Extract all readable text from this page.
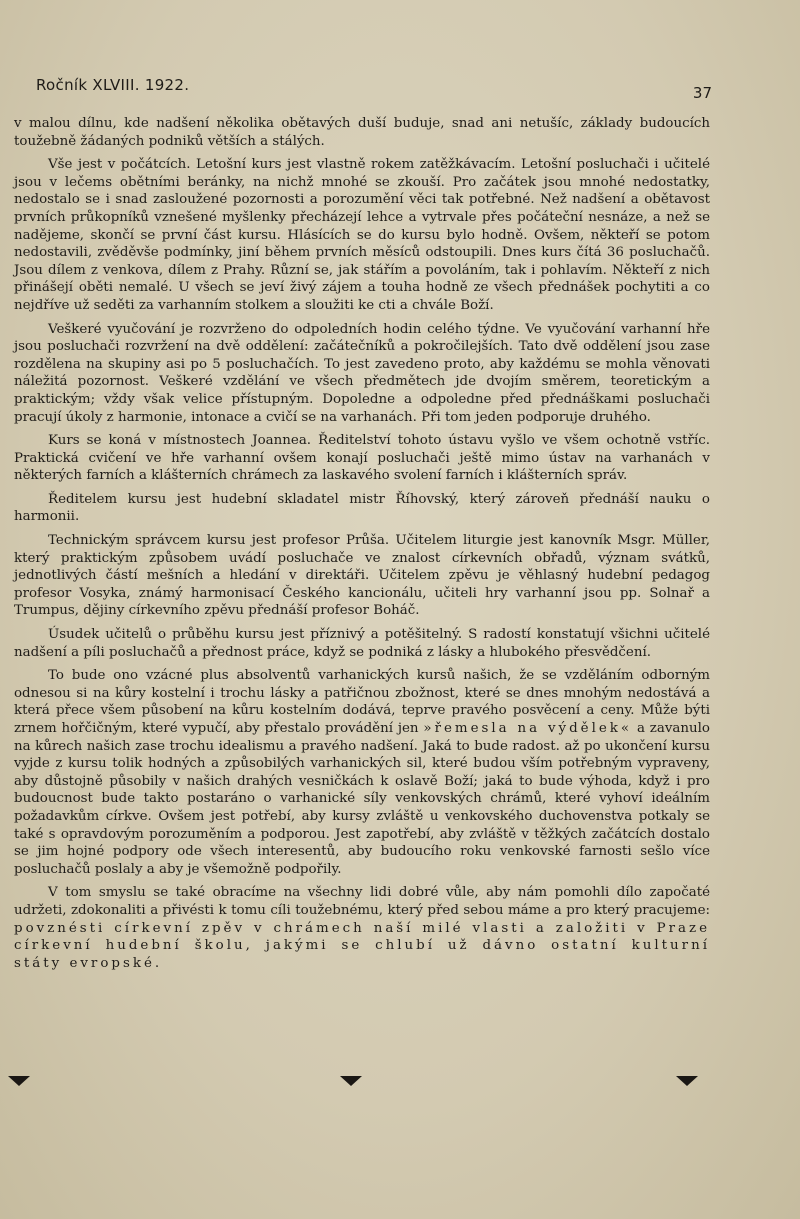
Ročník XLVIII. 1922.	37

v malou dílnu, kde nadšení několika obětavých duší buduje, snad ani netušíc, základy budoucích toužebně žádaných podniků větších a stálých.

Vše jest v počátcích. Letošní kurs jest vlastně rokem zatěžkávacím. Letošní posluchači i učitelé jsou v lečems obětními beránky, na nichž mnohé se zkouší. Pro začátek jsou mnohé nedostatky, nedostalo se i snad zasloužené pozornosti a porozumění věci tak potřebné. Než nadšení a obětavost prvních průkopníků vznešené myšlenky přecházejí lehce a vytrvale přes počáteční nesnáze, a než se nadějeme, skončí se první část kursu. Hlásících se do kursu bylo hodně. Ovšem, někteří se potom nedostavili, zvěděvše podmínky, jiní během prvních měsíců odstoupili. Dnes kurs čítá 36 posluchačů. Jsou dílem z venkova, dílem z Prahy. Různí se, jak stářím a povoláním, tak i pohlavím. Někteří z nich přinášejí oběti nemalé. U všech se jeví živý zájem a touha hodně ze všech přednášek pochytiti a co nejdříve už seděti za varhanním stolkem a sloužiti ke cti a chvále Boží.

Veškeré vyučování je rozvrženo do odpoledních hodin celého týdne. Ve vyučování varhanní hře jsou posluchači rozvržení na dvě oddělení: začátečníků a pokročilejších. Tato dvě oddělení jsou zase rozdělena na skupiny asi po 5 posluchačích. To jest zavedeno proto, aby každému se mohla věnovati náležitá pozornost. Veškeré vzdělání ve všech předmětech jde dvojím směrem, teoretickým a praktickým; vždy však velice přístupným. Dopoledne a odpoledne před přednáškami posluchači pracují úkoly z harmonie, intonace a cvičí se na varhanách. Při tom jeden podporuje druhého.

Kurs se koná v místnostech Joannea. Ředitelství tohoto ústavu vyšlo ve všem ochotně vstříc. Praktická cvičení ve hře varhanní ovšem konají posluchači ještě mimo ústav na varhanách v některých farních a klášterních chrámech za laskavého svolení farních i klášterních správ.

Ředitelem kursu jest hudební skladatel mistr Říhovský, který zároveň přednáší nauku o harmonii.

Technickým správcem kursu jest profesor Průša. Učitelem liturgie jest kanovník Msgr. Müller, který praktickým způsobem uvádí posluchače ve znalost církevních obřadů, význam svátků, jednotlivých částí mešních a hledání v direktáři. Učitelem zpěvu je věhlasný hudební pedagog profesor Vosyka, známý harmonisací Českého kancionálu, učiteli hry varhanní jsou pp. Solnař a Trumpus, dějiny církevního zpěvu přednáší profesor Boháč.

Úsudek učitelů o průběhu kursu jest příznivý a potěšitelný. S radostí konstatují všichni učitelé nadšení a píli posluchačů a přednost práce, když se podniká z lásky a hlubokého přesvědčení.

To bude ono vzácné plus absolventů varhanických kursů našich, že se vzděláním odborným odnesou si na kůry kostelní i trochu lásky a patřičnou zbožnost, které se dnes mnohým nedostává a která přece všem působení na kůru kostelním dodává, teprve pravého posvěcení a ceny. Může býti zrnem hořčičným, které vypučí, aby přestalo provádění jen »řemesla na výdělek« a zavanulo na kůrech našich zase trochu idealismu a pravého nadšení. Jaká to bude radost. až po ukončení kursu vyjde z kursu tolik hodných a způsobilých varhanických sil, které budou vším potřebným vypraveny, aby důstojně působily v našich drahých vesničkách k oslavě Boží; jaká to bude výhoda, když i pro budoucnost bude takto postaráno o varhanické síly venkovských chrámů, které vyhoví ideálním požadavkům církve. Ovšem jest potřebí, aby kursy zvláště u venkovského duchovenstva potkaly se také s opravdovým porozuměním a podporou. Jest zapotřebí, aby zvláště v těžkých začátcích dostalo se jim hojné podpory ode všech interesentů, aby budoucího roku venkovské farnosti sešlo více posluchačů poslaly a aby je všemožně podpořily.

V tom smyslu se také obracíme na všechny lidi dobré vůle, aby nám pomohli dílo započaté udržeti, zdokonaliti a přivésti k tomu cíli toužebnému, který před sebou máme a pro který pracujeme: povznésti církevní zpěv v chrámech naší milé vlasti a založiti v Praze církevní hudební školu, jakými se chlubí už dávno ostatní kulturní státy evropské.
